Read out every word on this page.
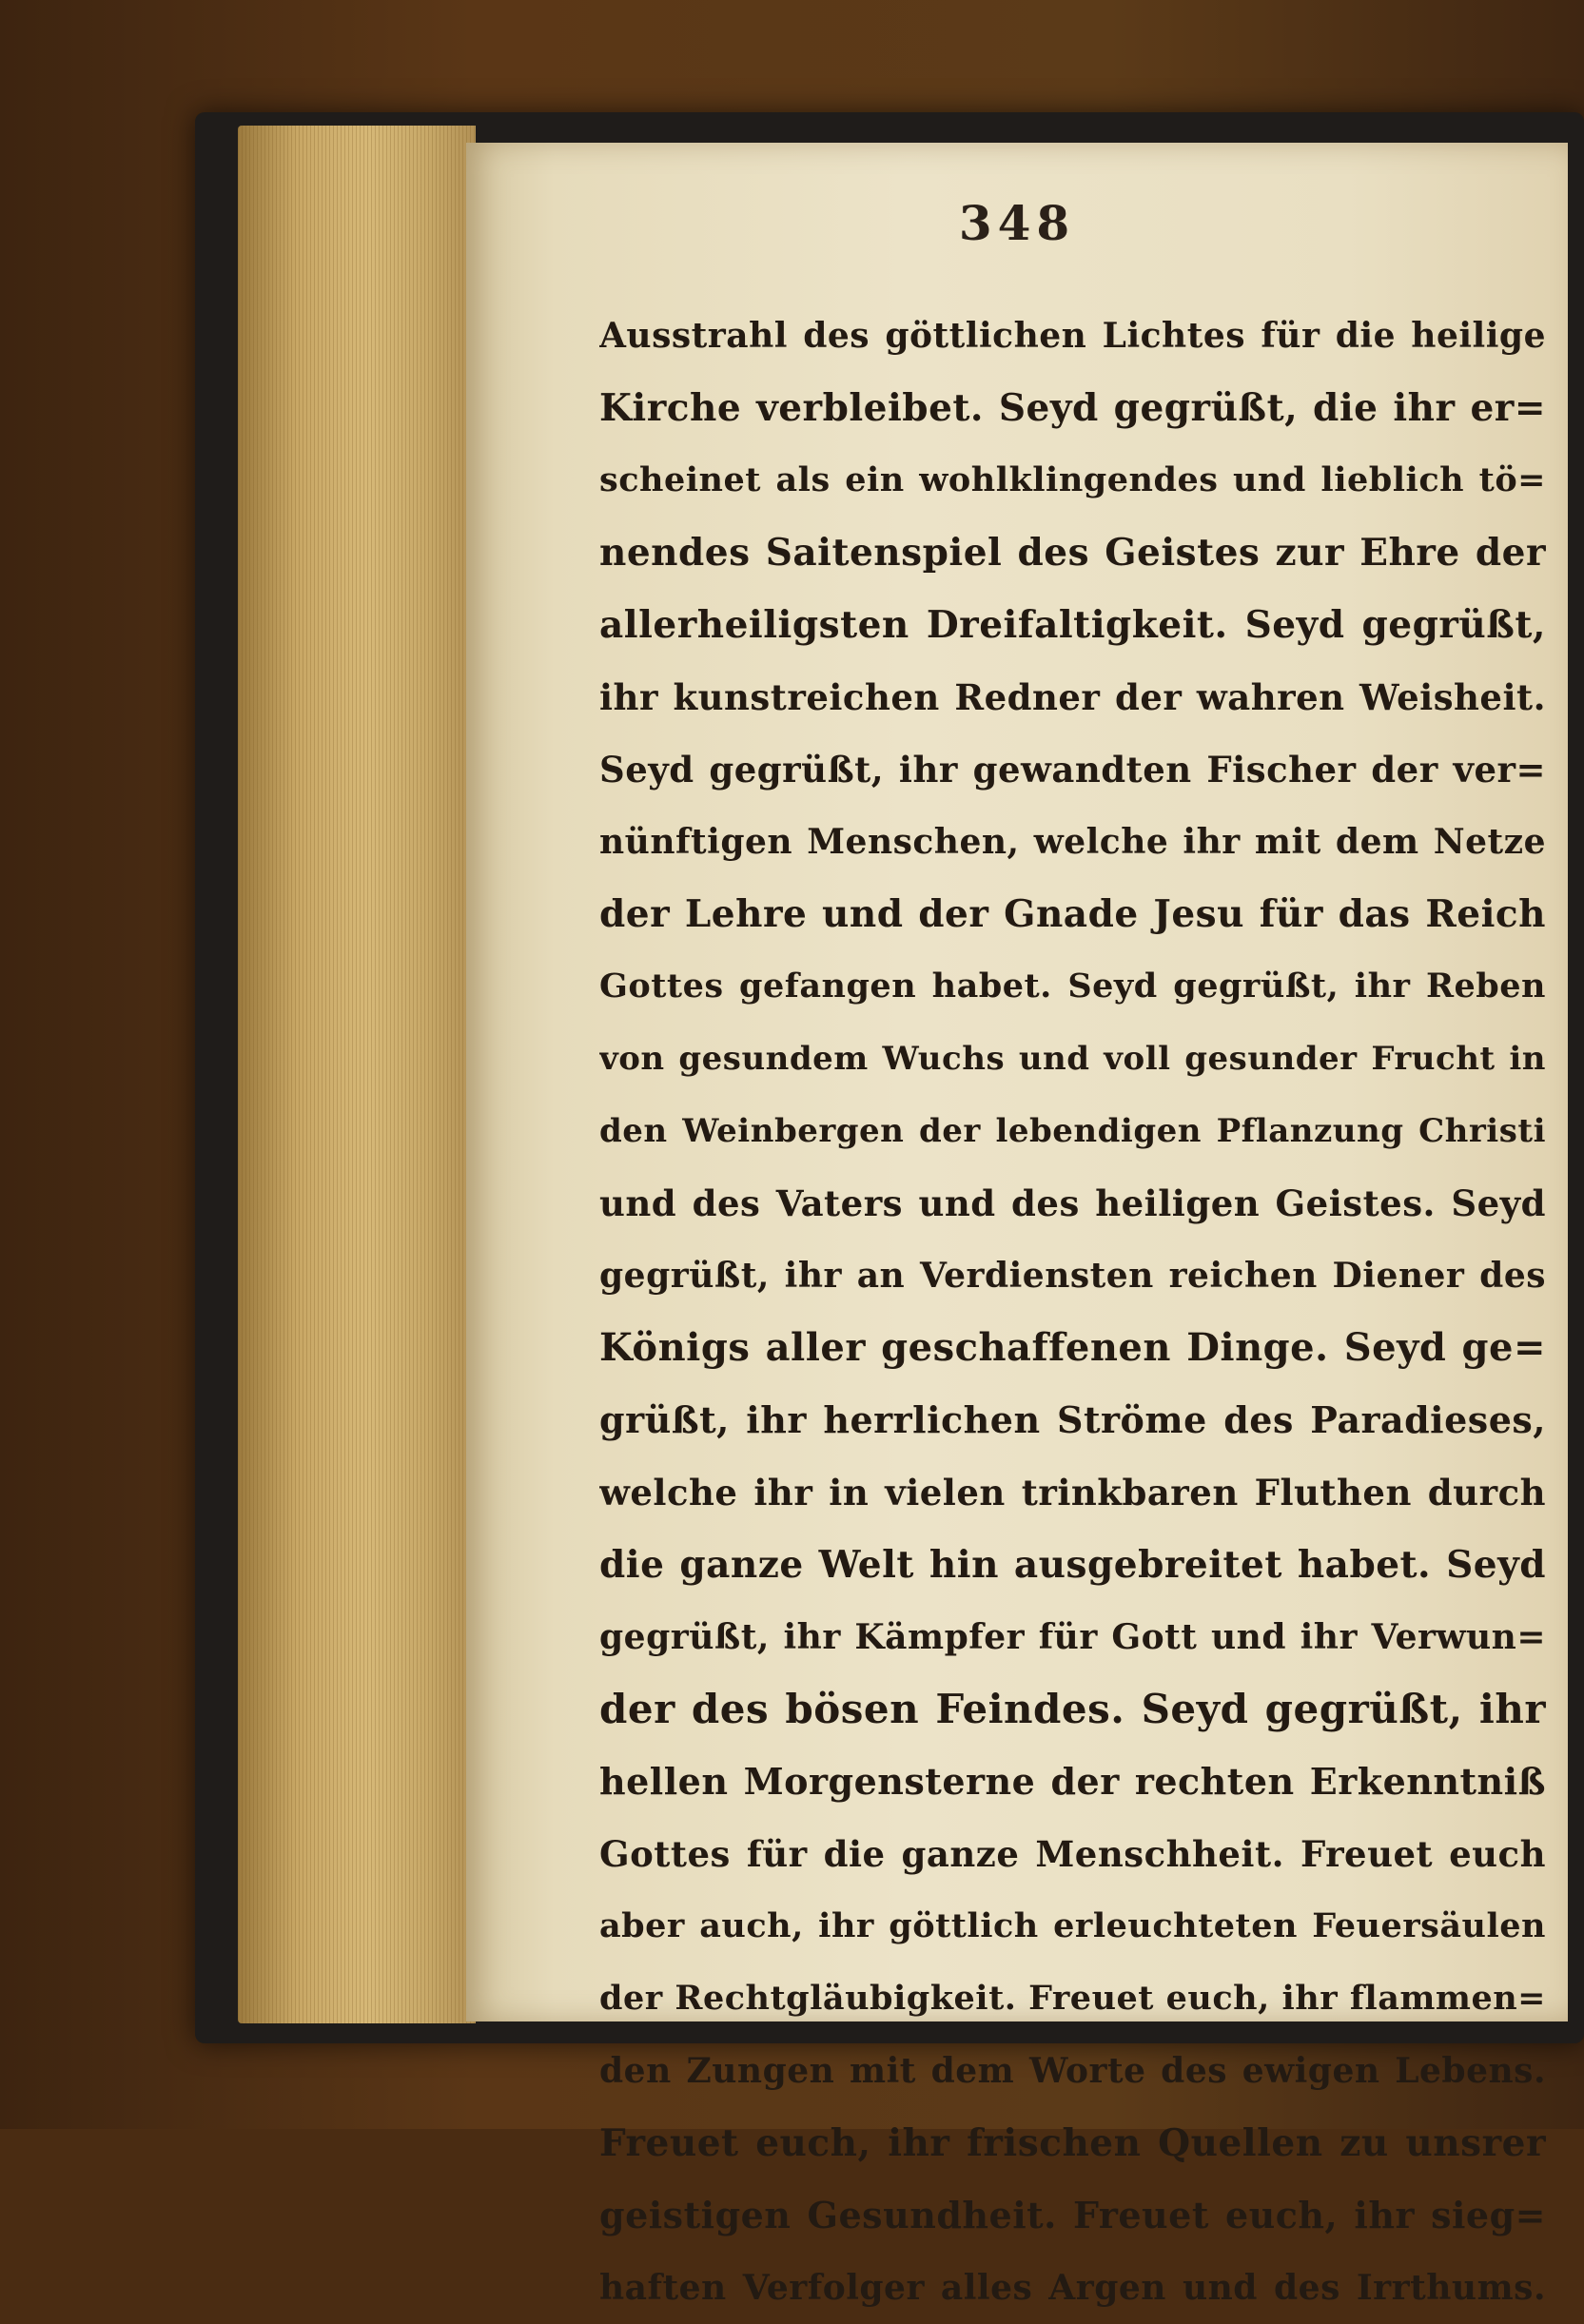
348
Ausstrahl des göttlichen Lichtes für die heilige
Kirche verbleibet. Seyd gegrüßt, die ihr er=
scheinet als ein wohlklingendes und lieblich tö=
nendes Saitenspiel des Geistes zur Ehre der
allerheiligsten Dreifaltigkeit. Seyd gegrüßt,
ihr kunstreichen Redner der wahren Weisheit.
Seyd gegrüßt, ihr gewandten Fischer der ver=
nünftigen Menschen, welche ihr mit dem Netze
der Lehre und der Gnade Jesu für das Reich
Gottes gefangen habet. Seyd gegrüßt, ihr Reben
von gesundem Wuchs und voll gesunder Frucht in
den Weinbergen der lebendigen Pflanzung Christi
und des Vaters und des heiligen Geistes. Seyd
gegrüßt, ihr an Verdiensten reichen Diener des
Königs aller geschaffenen Dinge. Seyd ge=
grüßt, ihr herrlichen Ströme des Paradieses,
welche ihr in vielen trinkbaren Fluthen durch
die ganze Welt hin ausgebreitet habet. Seyd
gegrüßt, ihr Kämpfer für Gott und ihr Verwun=
der des bösen Feindes. Seyd gegrüßt, ihr
hellen Morgensterne der rechten Erkenntniß
Gottes für die ganze Menschheit. Freuet euch
aber auch, ihr göttlich erleuchteten Feuersäulen
der Rechtgläubigkeit. Freuet euch, ihr flammen=
den Zungen mit dem Worte des ewigen Lebens.
Freuet euch, ihr frischen Quellen zu unsrer
geistigen Gesundheit. Freuet euch, ihr sieg=
haften Verfolger alles Argen und des Irrthums.
